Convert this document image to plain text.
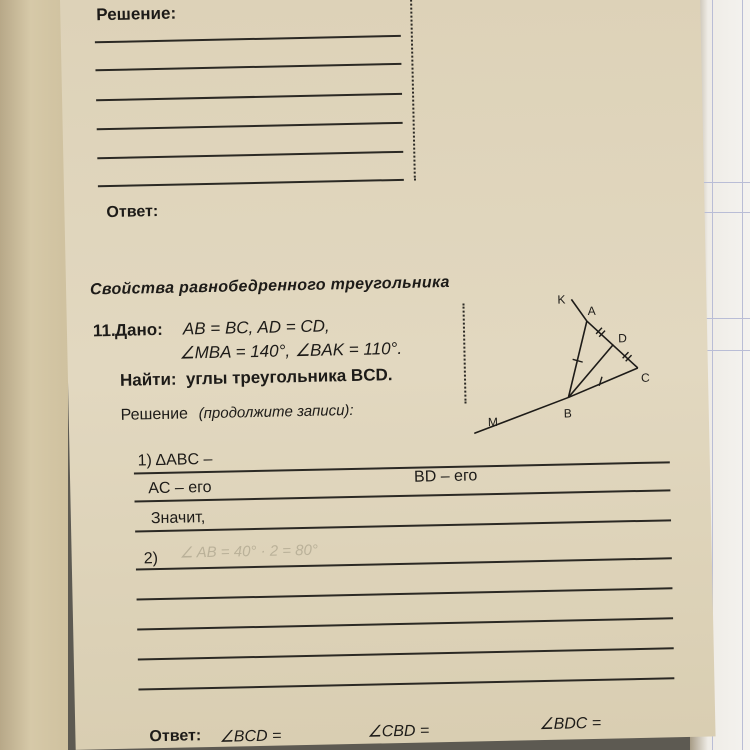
Решение:
Ответ:
Свойства равнобедренного треугольника
11.
Дано: AB = BC, AD = CD,
∠MBA = 140°, ∠BAK = 110°.
Найти: углы треугольника BCD.
Решение (продолжите записи):
K
A
D
C
M
B
1) ΔABC –
AC – его
BD – его
Значит,
2) ∠ AB = 40° · 2 = 80°
Ответ: ∠BCD =	∠CBD =	∠BDC =
